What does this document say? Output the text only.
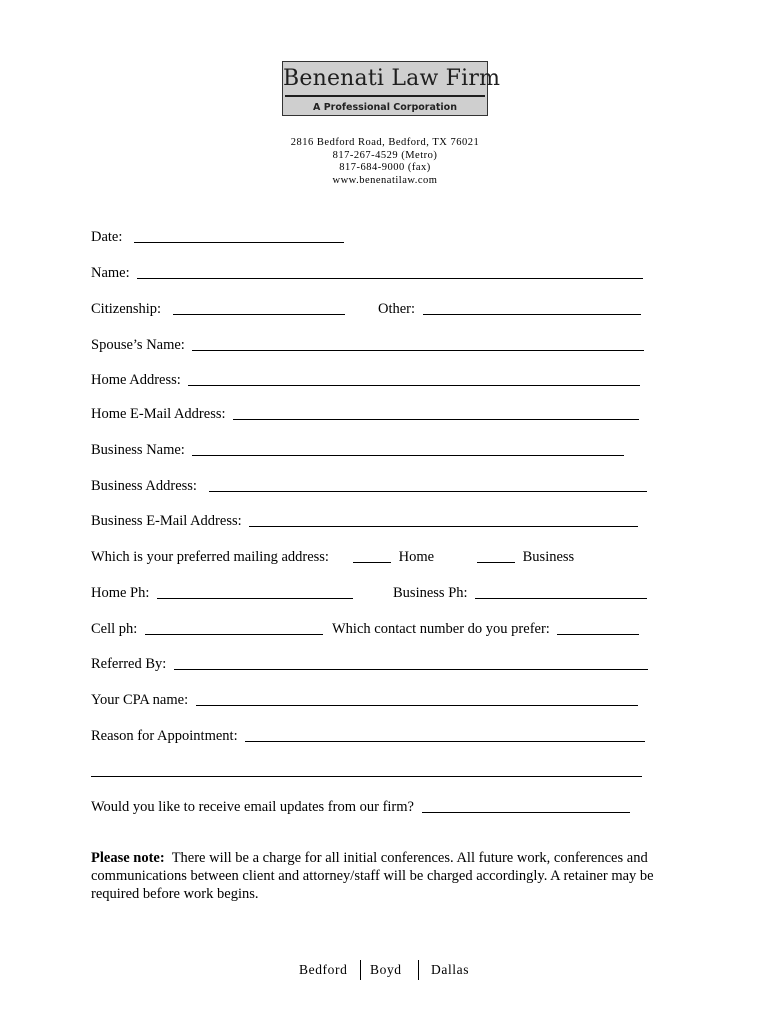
Benenati Law Firm
A Professional Corporation
2816 Bedford Road, Bedford, TX 76021
817-267-4529 (Metro)
817-684-9000 (fax)
www.benenatilaw.com
Date:
Name:
Citizenship:	Other:
Spouse’s Name:
Home Address:
Home E-Mail Address:
Business Name:
Business Address:
Business E-Mail Address:
Which is your preferred mailing address:	Home	Business
Home Ph:	Business Ph:
Cell ph:	Which contact number do you prefer:
Referred By:
Your CPA name:
Reason for Appointment:
Would you like to receive email updates from our firm?
Please note: There will be a charge for all initial conferences. All future work, conferences and communications between client and attorney/staff will be charged accordingly. A retainer may be required before work begins.
Bedford Boyd Dallas
